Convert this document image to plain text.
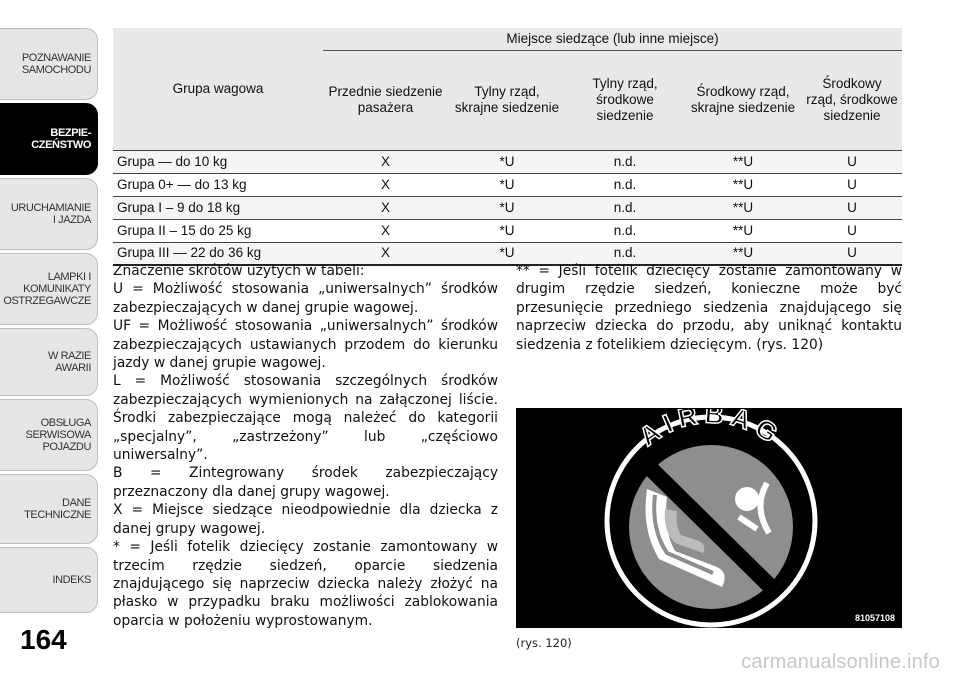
POZNAWANIE
SAMOCHODU
BEZPIE-
CZEŃSTWO
URUCHAMIANIE
I JAZDA
LAMPKI I
KOMUNIKATY
OSTRZEGAWCZE
W RAZIE
AWARII
OBSŁUGA
SERWISOWA
POJAZDU
DANE
TECHNICZNE
INDEKS
164
Grupa wagowa	Miejsce siedzące (lub inne miejsce)				
	Przednie siedzenie pasażera	Tylny rząd, skrajne siedzenie	Tylny rząd, środkowe siedzenie	Środkowy rząd, skrajne siedzenie	Środkowy rząd, środkowe siedzenie
Grupa — do 10 kg	X	*U	n.d.	**U	U
Grupa 0+ — do 13 kg	X	*U	n.d.	**U	U
Grupa I – 9 do 18 kg	X	*U	n.d.	**U	U
Grupa II – 15 do 25 kg	X	*U	n.d.	**U	U
Grupa III — 22 do 36 kg	X	*U	n.d.	**U	U

Znaczenie skrótów użytych w tabeli:

U = Możliwość stosowania „uniwersalnych” środków zabezpieczających w danej grupie wagowej.

UF = Możliwość stosowania „uniwersalnych” środków zabezpieczających ustawianych przodem do kierunku jazdy w danej grupie wagowej.

L = Możliwość stosowania szczególnych środków zabezpieczających wymienionych na załączonej liście. Środki zabezpieczające mogą należeć do kategorii „specjalny”, „zastrzeżony” lub „częściowo uniwersalny”.

B = Zintegrowany środek zabezpieczający przeznaczony dla danej grupy wagowej.

X = Miejsce siedzące nieodpowiednie dla dziecka z danej grupy wagowej.

* = Jeśli fotelik dziecięcy zostanie zamontowany w trzecim rzędzie siedzeń, oparcie siedzenia znajdującego się naprzeciw dziecka należy złożyć na płasko w przypadku braku możliwości zablokowania oparcia w położeniu wyprostowanym.

** = Jeśli fotelik dziecięcy zostanie zamontowany w drugim rzędzie siedzeń, konieczne może być przesunięcie przedniego siedzenia znajdującego się naprzeciw dziecka do przodu, aby uniknąć kontaktu siedzenia z fotelikiem dziecięcym. (rys. 120)

AIRBAG
81057108
(rys. 120)
carmanualsonline.info
